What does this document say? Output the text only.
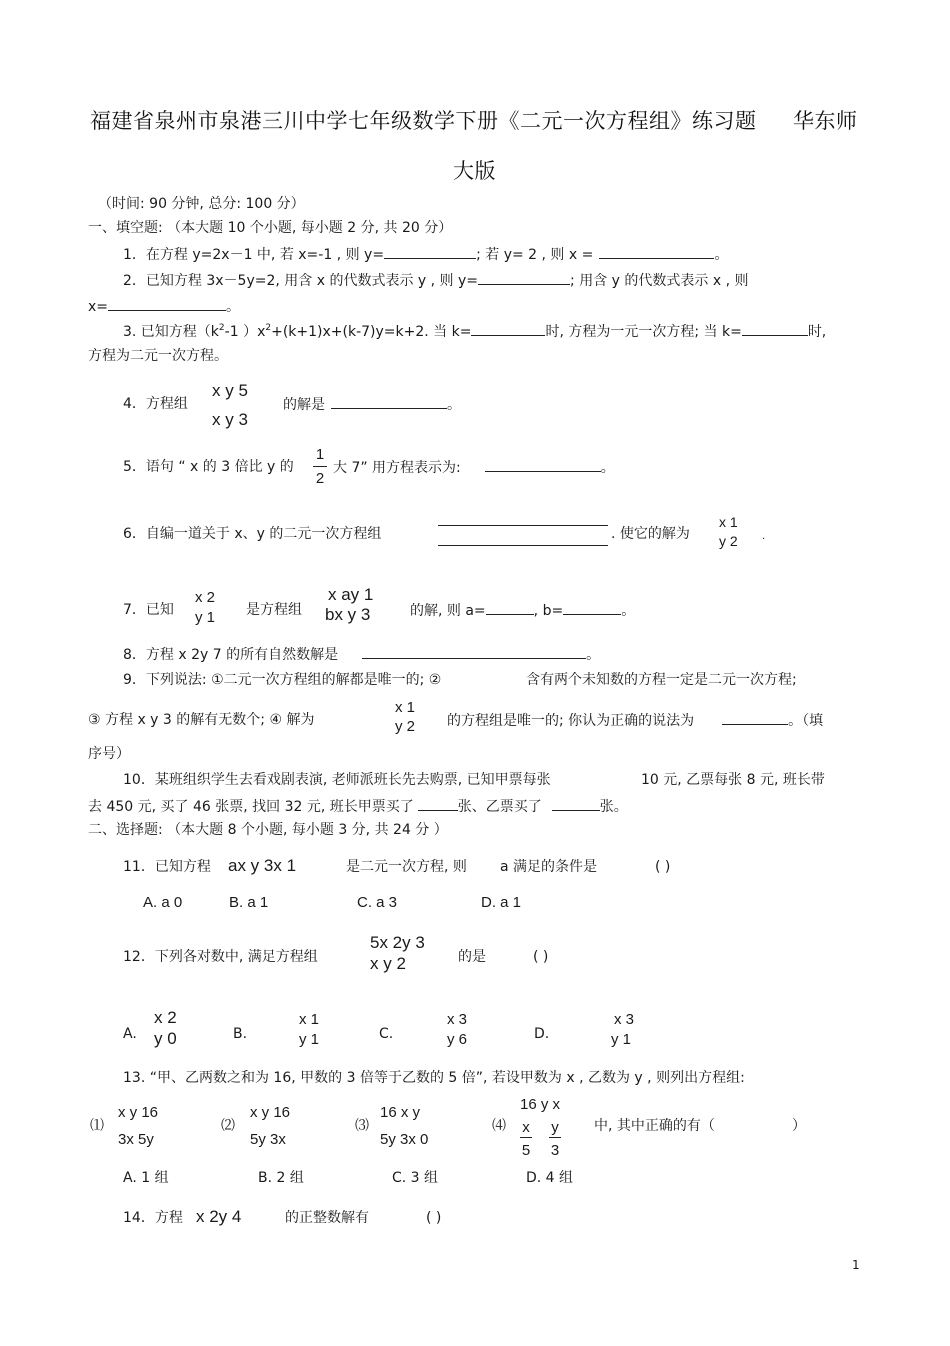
福建省泉州市泉港三川中学七年级数学下册《二元一次方程组》练习题 华东师
大版
（时间: 90 分钟, 总分: 100 分）
一、填空题: （本大题 10 个小题, 每小题 2 分, 共 20 分）
1．在方程 y=2x－1 中, 若 x=-1 , 则 y=	; 若 y= 2 , 则 x =	。
2．已知方程 3x－5y=2, 用含 x 的代数式表示 y , 则 y=	; 用含 y 的代数式表示 x , 则
x=	。
3. 已知方程（$k^2-1$ ）$x^2+(k+1)x+(k-7)y=k+2$. 当 k=	时, 方程为一元一次方程; 当 k=	时,
方程为二元一次方程。
4．方程组
x y 5
x y 3
的解是	。
5．语句 “ x 的 3 倍比 y 的
1
2
大 7” 用方程表示为:	。
6．自编一道关于 x、y 的二元一次方程组	. 使它的解为
x 1
y 2 .
7．已知
x 2
y 1 是方程组
x ay 1
bx y 3	的解, 则 a=	, b=	。
8．方程 x 2y 7 的所有自然数解是	。
9．下列说法: ①二元一次方程组的解都是唯一的; ②	含有两个未知数的方程一定是二元一次方程;
③ 方程 x y 3 的解有无数个; ④ 解为
x 1
y 2 的方程组是唯一的; 你认为正确的说法为	。（填
序号）
10．某班组织学生去看戏剧表演, 老师派班长先去购票, 已知甲票每张	10 元, 乙票每张 8 元, 班长带
去 450 元, 买了 46 张票, 找回 32 元, 班长甲票买了	张、乙票买了	张。
二、选择题: （本大题 8 个小题, 每小题 3 分, 共 24 分 ）
11．已知方程 ax y 3x 1	是二元一次方程, 则 a 满足的条件是	( )
A. a 0	B. a 1	C. a 3	D. a 1
12．下列各对数中, 满足方程组
5x 2y 3
x y 2	的是	( )
A.
x 2
y 0	B.
x 1
y 1	C.
x 3
y 6	D.
x 3
y 1
13. “甲、乙两数之和为 16, 甲数的 3 倍等于乙数的 5 倍”, 若设甲数为 x , 乙数为 y , 则列出方程组:
⑴
x y 16
3x 5y
⑵
x y 16
5y 3x
⑶
16 x y
5y 3x 0
⑷
16 y x
x
5
y
3
中, 其中正确的有（	）
A. 1 组	B. 2 组	C. 3 组	D. 4 组
14．方程 x 2y 4	的正整数解有	( )
1
